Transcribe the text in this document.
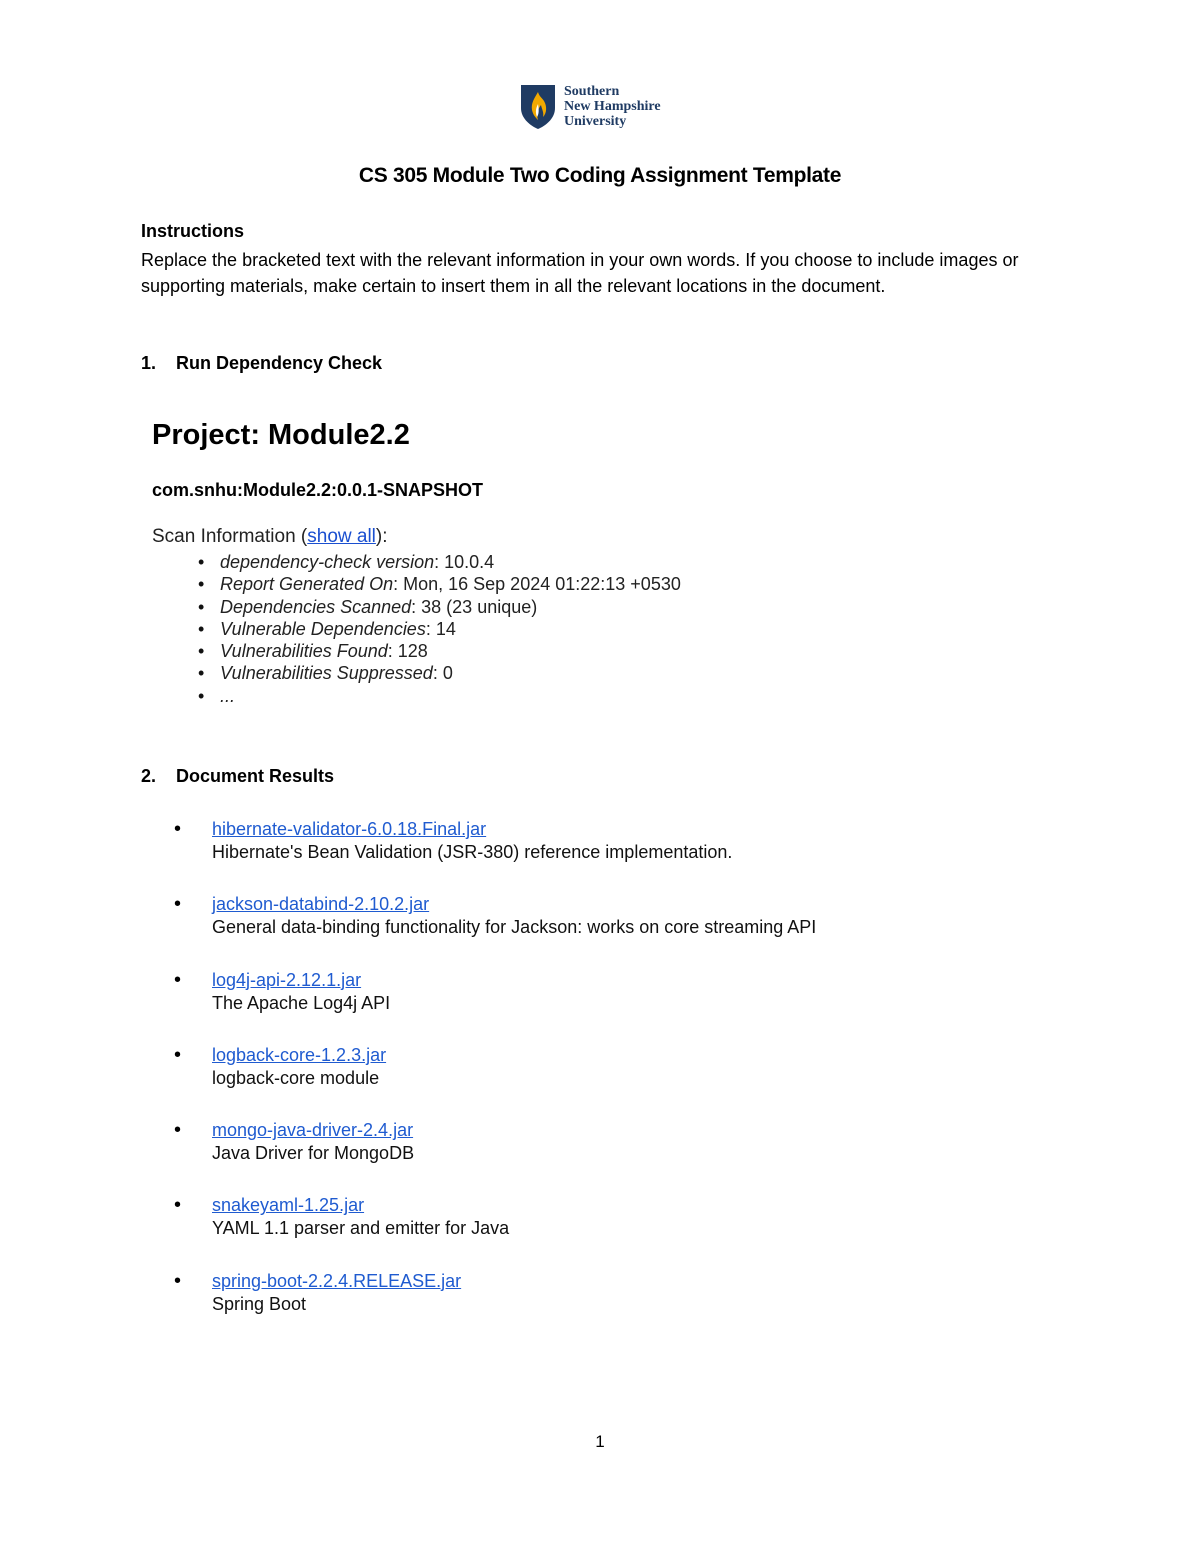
Southern
New Hampshire
University
CS 305 Module Two Coding Assignment Template
Instructions
Replace the bracketed text with the relevant information in your own words. If you choose to include images or supporting materials, make certain to insert them in all the relevant locations in the document.
1. Run Dependency Check
Project: Module2.2
com.snhu:Module2.2:0.0.1-SNAPSHOT
Scan Information (show all):
• dependency-check version: 10.0.4
• Report Generated On: Mon, 16 Sep 2024 01:22:13 +0530
• Dependencies Scanned: 38 (23 unique)
• Vulnerable Dependencies: 14
• Vulnerabilities Found: 128
• Vulnerabilities Suppressed: 0
• ...
2. Document Results
• hibernate-validator-6.0.18.Final.jar
Hibernate's Bean Validation (JSR-380) reference implementation.
• jackson-databind-2.10.2.jar
General data-binding functionality for Jackson: works on core streaming API
• log4j-api-2.12.1.jar
The Apache Log4j API
• logback-core-1.2.3.jar
logback-core module
• mongo-java-driver-2.4.jar
Java Driver for MongoDB
• snakeyaml-1.25.jar
YAML 1.1 parser and emitter for Java
• spring-boot-2.2.4.RELEASE.jar
Spring Boot
1
